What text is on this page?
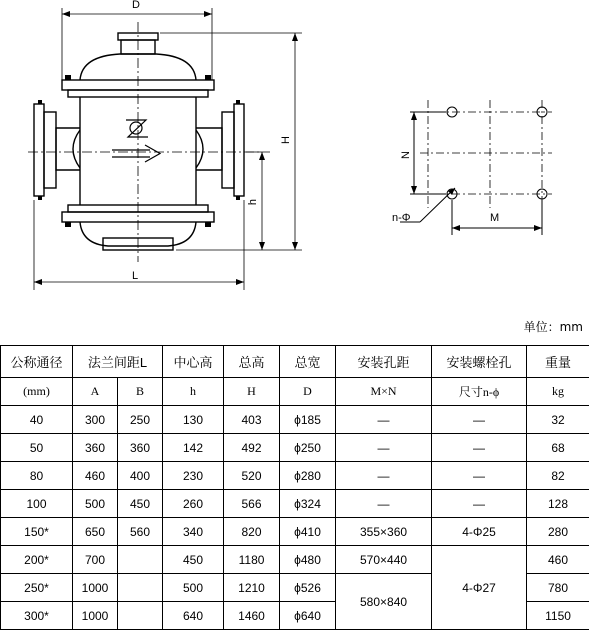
D
L
H
h
N
M
n-Φ
单位：mm
公称通径	法兰间距L		中心高	总高	总宽	安装孔距	安装螺栓孔	重量
(mm)	A	B	h	H	D	M×N	尺寸n-ϕ	kg
40	300	250	130	403	ϕ185	—	—	32
50	360	360	142	492	ϕ250	—	—	68
80	460	400	230	520	ϕ280	—	—	82
100	500	450	260	566	ϕ324	—	—	128
150*	650	560	340	820	ϕ410	355×360	4-Φ25	280
200*	700		450	1180	ϕ480	570×440	4-Φ27	460
250*	1000		500	1210	ϕ526	580×840		780
300*	1000		640	1460	ϕ640			1150
